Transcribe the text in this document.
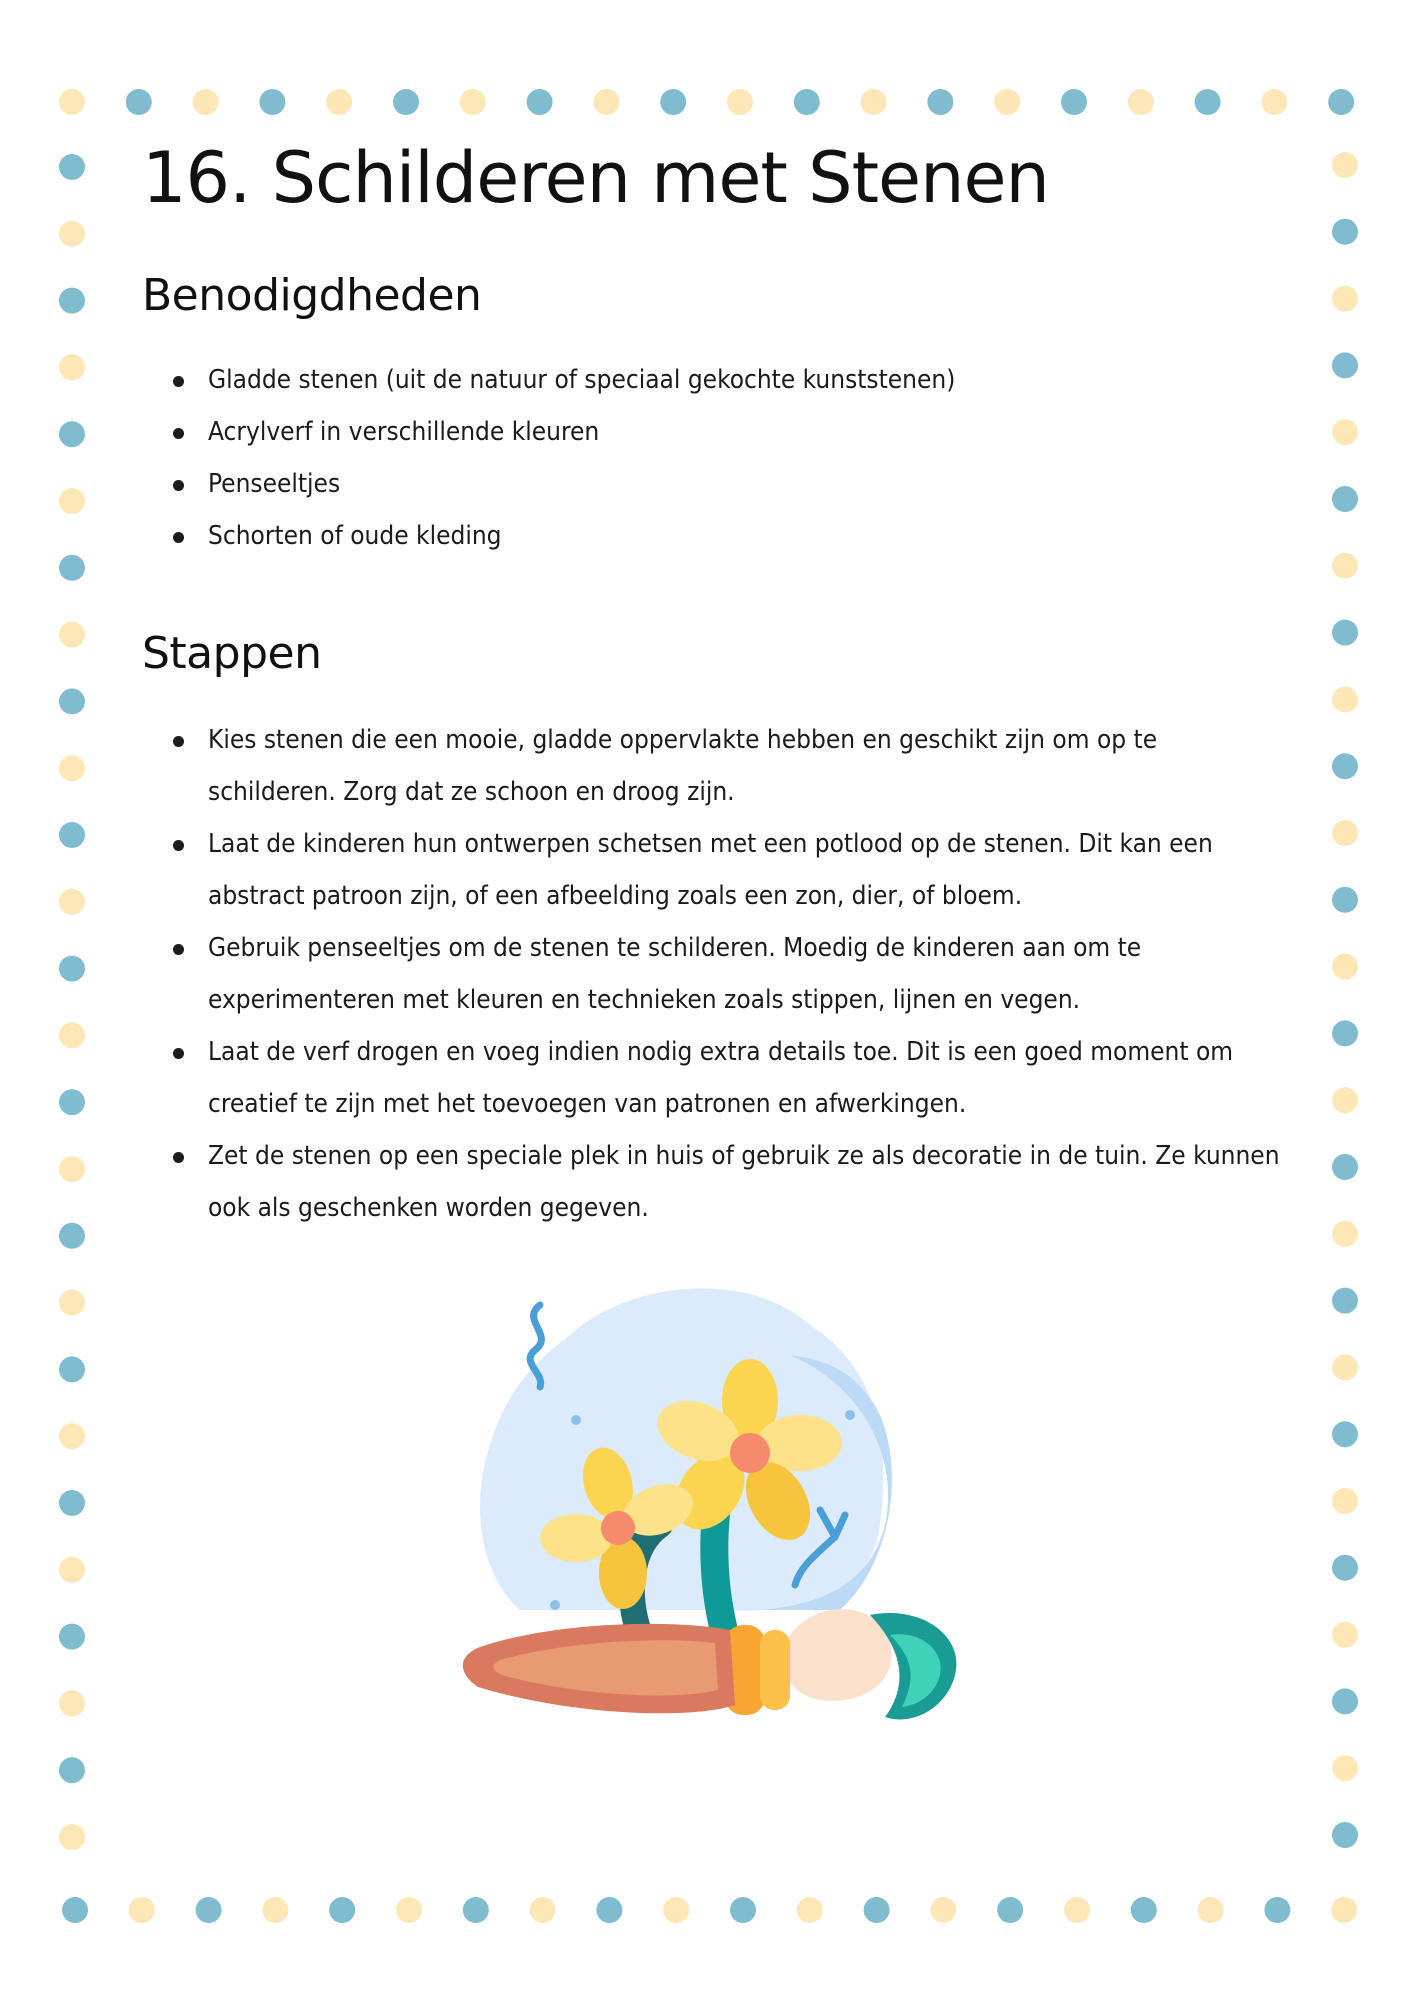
16. Schilderen met Stenen
Benodigdheden
Gladde stenen (uit de natuur of speciaal gekochte kunststenen)
Acrylverf in verschillende kleuren
Penseeltjes
Schorten of oude kleding
Stappen
Kies stenen die een mooie, gladde oppervlakte hebben en geschikt zijn om op te schilderen. Zorg dat ze schoon en droog zijn.
Laat de kinderen hun ontwerpen schetsen met een potlood op de stenen. Dit kan een abstract patroon zijn, of een afbeelding zoals een zon, dier, of bloem.
Gebruik penseeltjes om de stenen te schilderen. Moedig de kinderen aan om te experimenteren met kleuren en technieken zoals stippen, lijnen en vegen.
Laat de verf drogen en voeg indien nodig extra details toe. Dit is een goed moment om creatief te zijn met het toevoegen van patronen en afwerkingen.
Zet de stenen op een speciale plek in huis of gebruik ze als decoratie in de tuin. Ze kunnen ook als geschenken worden gegeven.
